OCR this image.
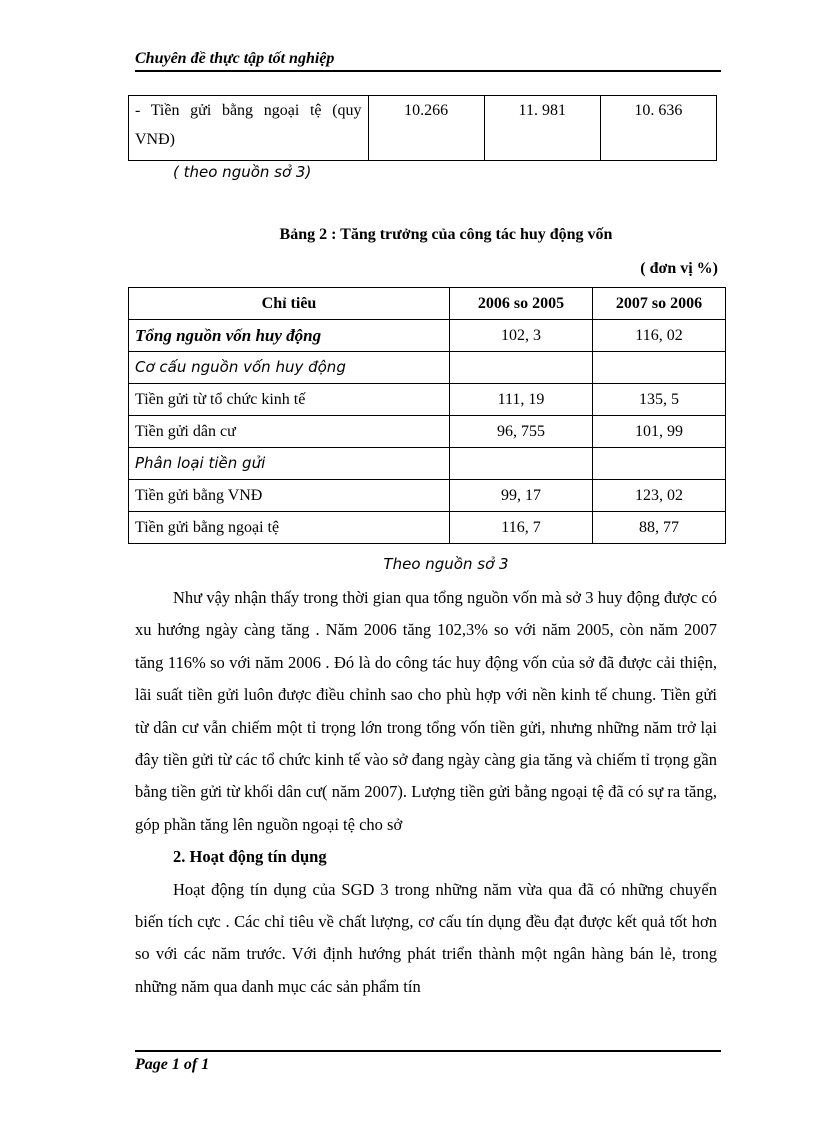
Chuyên đề thực tập tốt nghiệp
- Tiền gửi bằng ngoại tệ (quy VNĐ)	10.266	11. 981	10. 636
( theo nguồn sở 3)
Bảng 2 : Tăng trưởng của công tác huy động vốn
( đơn vị %)
Chỉ tiêu	2006 so 2005	2007 so 2006
Tổng nguồn vốn huy động	102, 3	116, 02
Cơ cấu nguồn vốn huy động		
Tiền gửi từ tổ chức kinh tế	111, 19	135, 5
Tiền gửi dân cư	96, 755	101, 99
Phân loại tiền gửi		
Tiền gửi bằng VNĐ	99, 17	123, 02
Tiền gửi bằng ngoại tệ	116, 7	88, 77
Theo nguồn sở 3

Như vậy nhận thấy trong thời gian qua tổng nguồn vốn mà sở 3 huy động được có xu hướng ngày càng tăng . Năm 2006 tăng 102,3% so với năm 2005, còn năm 2007 tăng 116% so với năm 2006 . Đó là do công tác huy động vốn của sở đã được cải thiện, lãi suất tiền gửi luôn được điều chỉnh sao cho phù hợp với nền kinh tế chung. Tiền gửi từ dân cư vẫn chiếm một tỉ trọng lớn trong tổng vốn tiền gửi, nhưng những năm trở lại đây tiền gửi từ các tổ chức kinh tế vào sở đang ngày càng gia tăng và chiếm tỉ trọng gần bằng tiền gửi từ khối dân cư( năm 2007). Lượng tiền gửi bằng ngoại tệ đã có sự ra tăng, góp phần tăng lên nguồn ngoại tệ cho sở

2. Hoạt động tín dụng

Hoạt động tín dụng của SGD 3 trong những năm vừa qua đã có những chuyển biến tích cực . Các chỉ tiêu về chất lượng, cơ cấu tín dụng đều đạt được kết quả tốt hơn so với các năm trước. Với định hướng phát triển thành một ngân hàng bán lẻ, trong những năm qua danh mục các sản phẩm tín

Page 1 of 1
